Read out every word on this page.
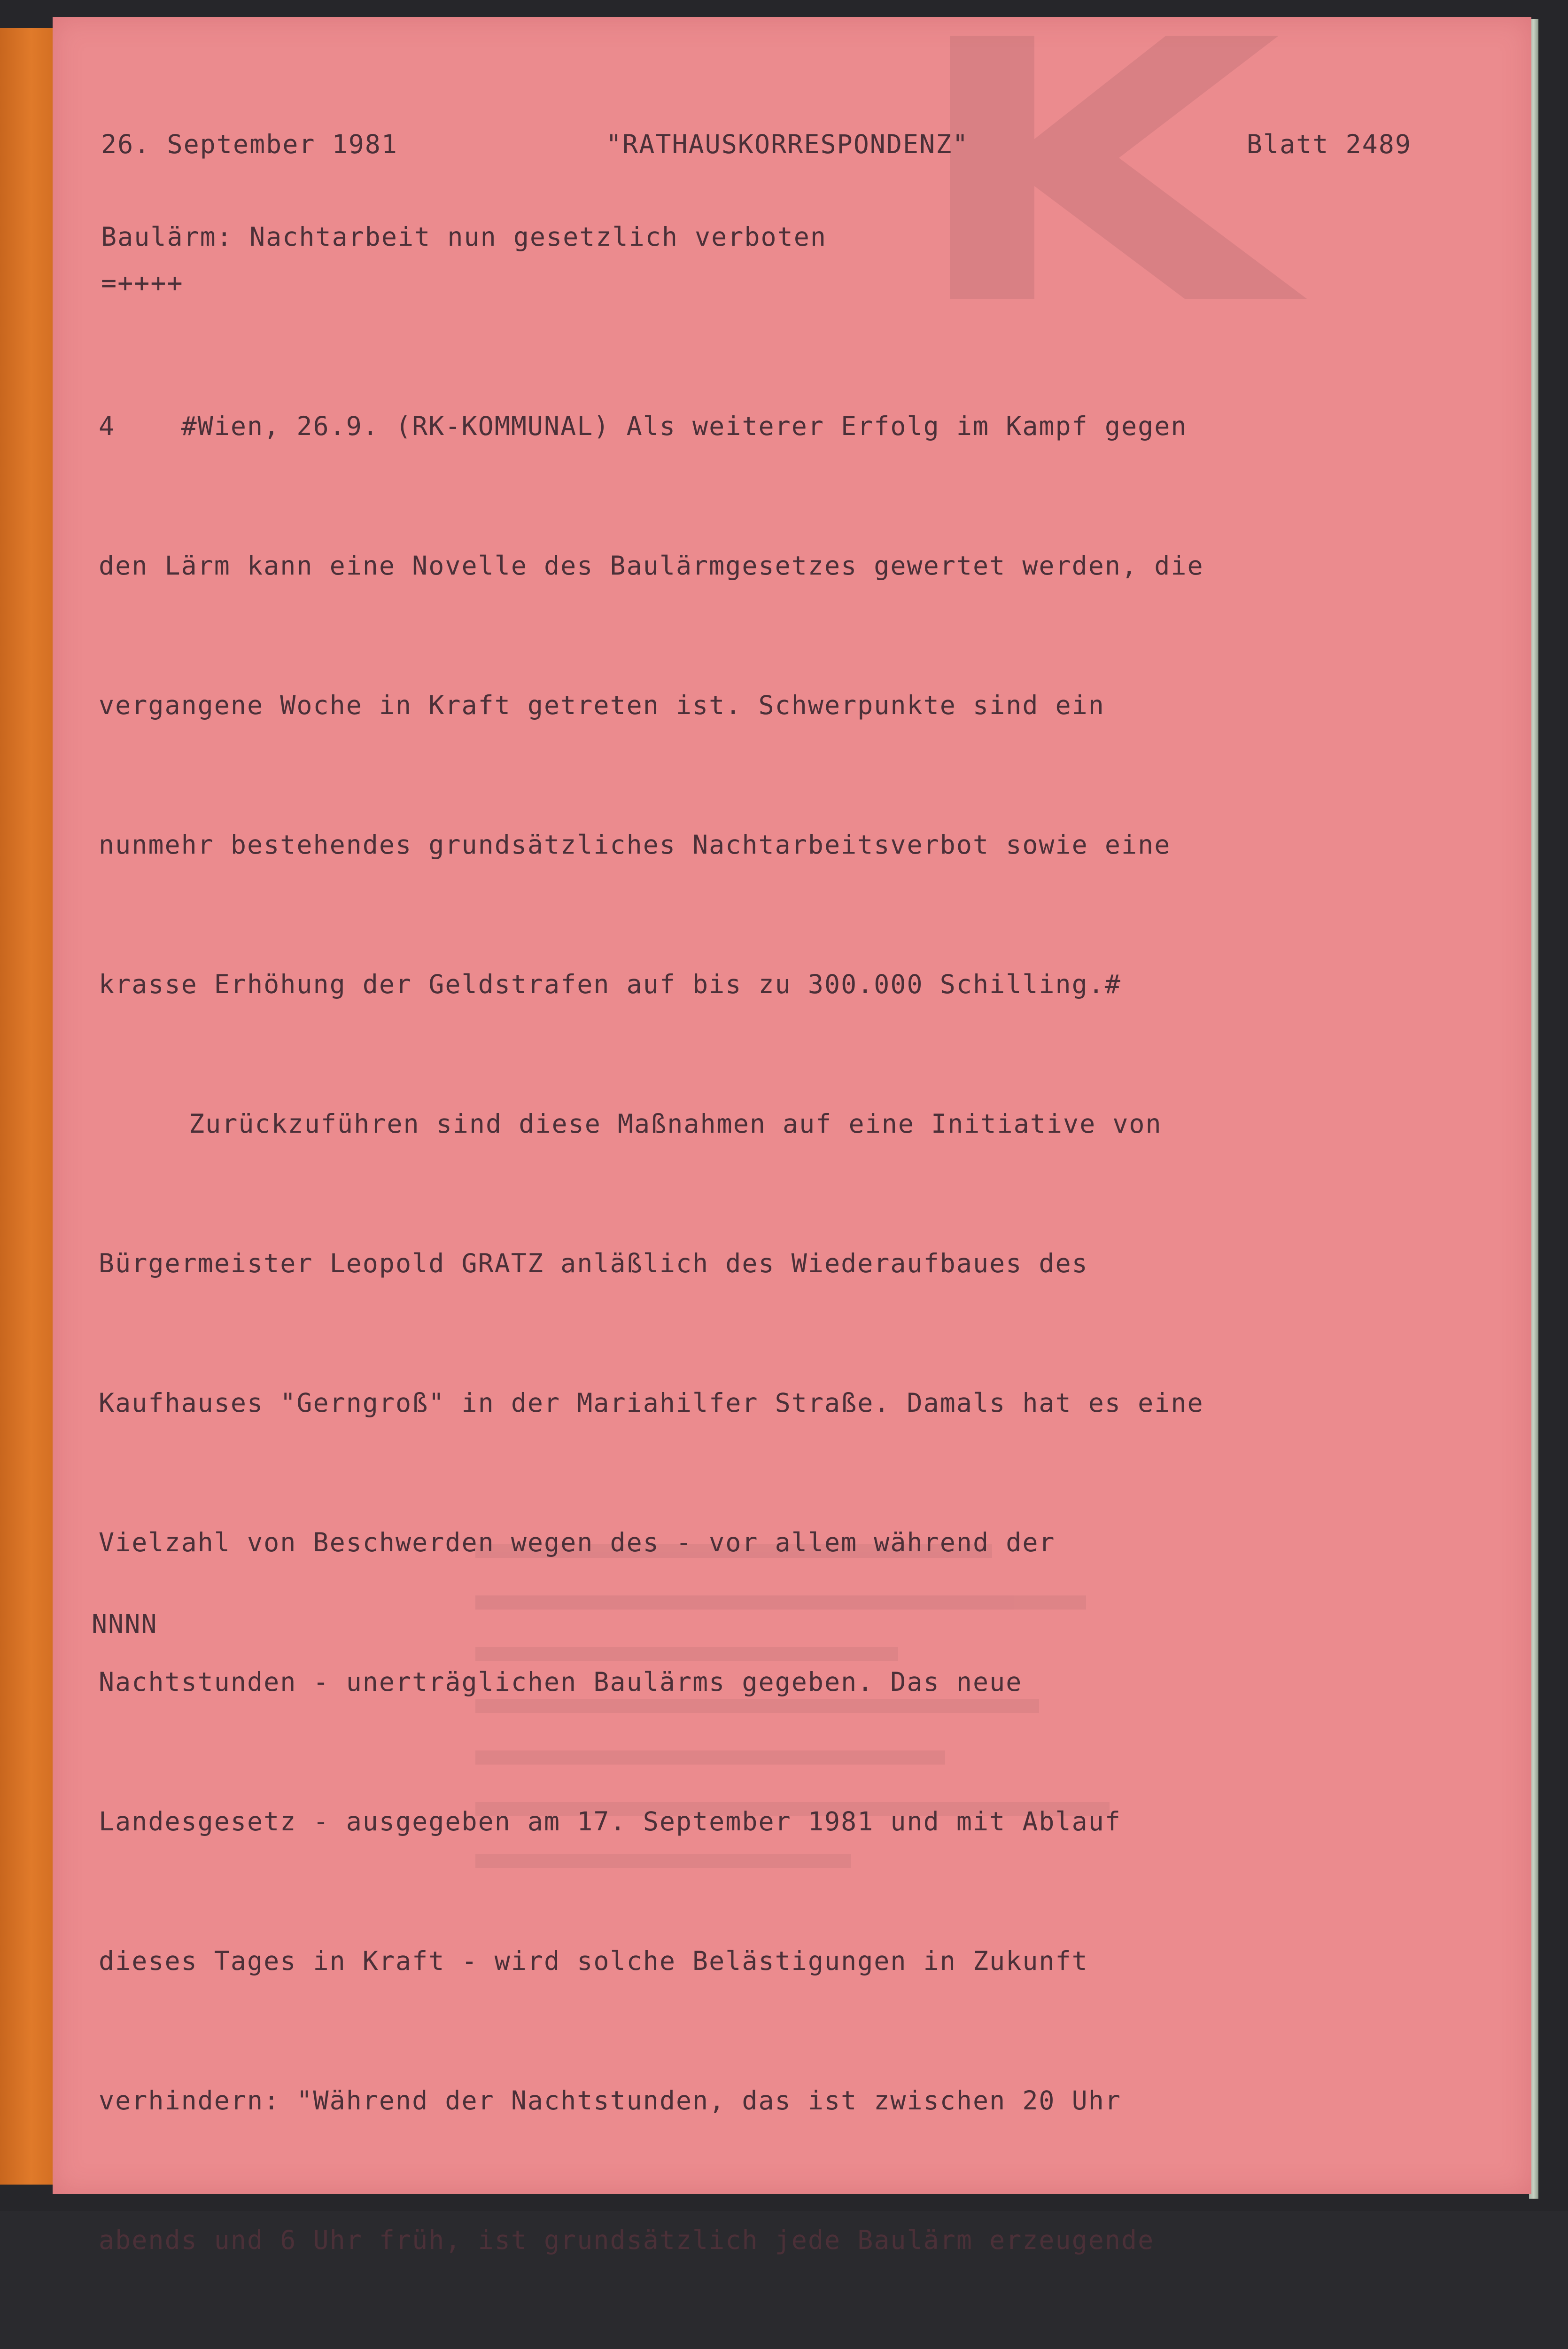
26. September 1981	"RATHAUSKORRESPONDENZ"	Blatt 2489
Baulärm: Nachtarbeit nun gesetzlich verboten
=++++

4    #Wien, 26.9. (RK-KOMMUNAL) Als weiterer Erfolg im Kampf gegen

den Lärm kann eine Novelle des Baulärmgesetzes gewertet werden, die

vergangene Woche in Kraft getreten ist. Schwerpunkte sind ein

nunmehr bestehendes grundsätzliches Nachtarbeitsverbot sowie eine

krasse Erhöhung der Geldstrafen auf bis zu 300.000 Schilling.#

Zurückzuführen sind diese Maßnahmen auf eine Initiative von

Bürgermeister Leopold GRATZ anläßlich des Wiederaufbaues des

Kaufhauses "Gerngroß" in der Mariahilfer Straße. Damals hat es eine

Vielzahl von Beschwerden wegen des - vor allem während der

Nachtstunden - unerträglichen Baulärms gegeben. Das neue

Landesgesetz - ausgegeben am 17. September 1981 und mit Ablauf

dieses Tages in Kraft - wird solche Belästigungen in Zukunft

verhindern: "Während der Nachtstunden, das ist zwischen 20 Uhr

abends und 6 Uhr früh, ist grundsätzlich jede Baulärm erzeugende

NNNN
